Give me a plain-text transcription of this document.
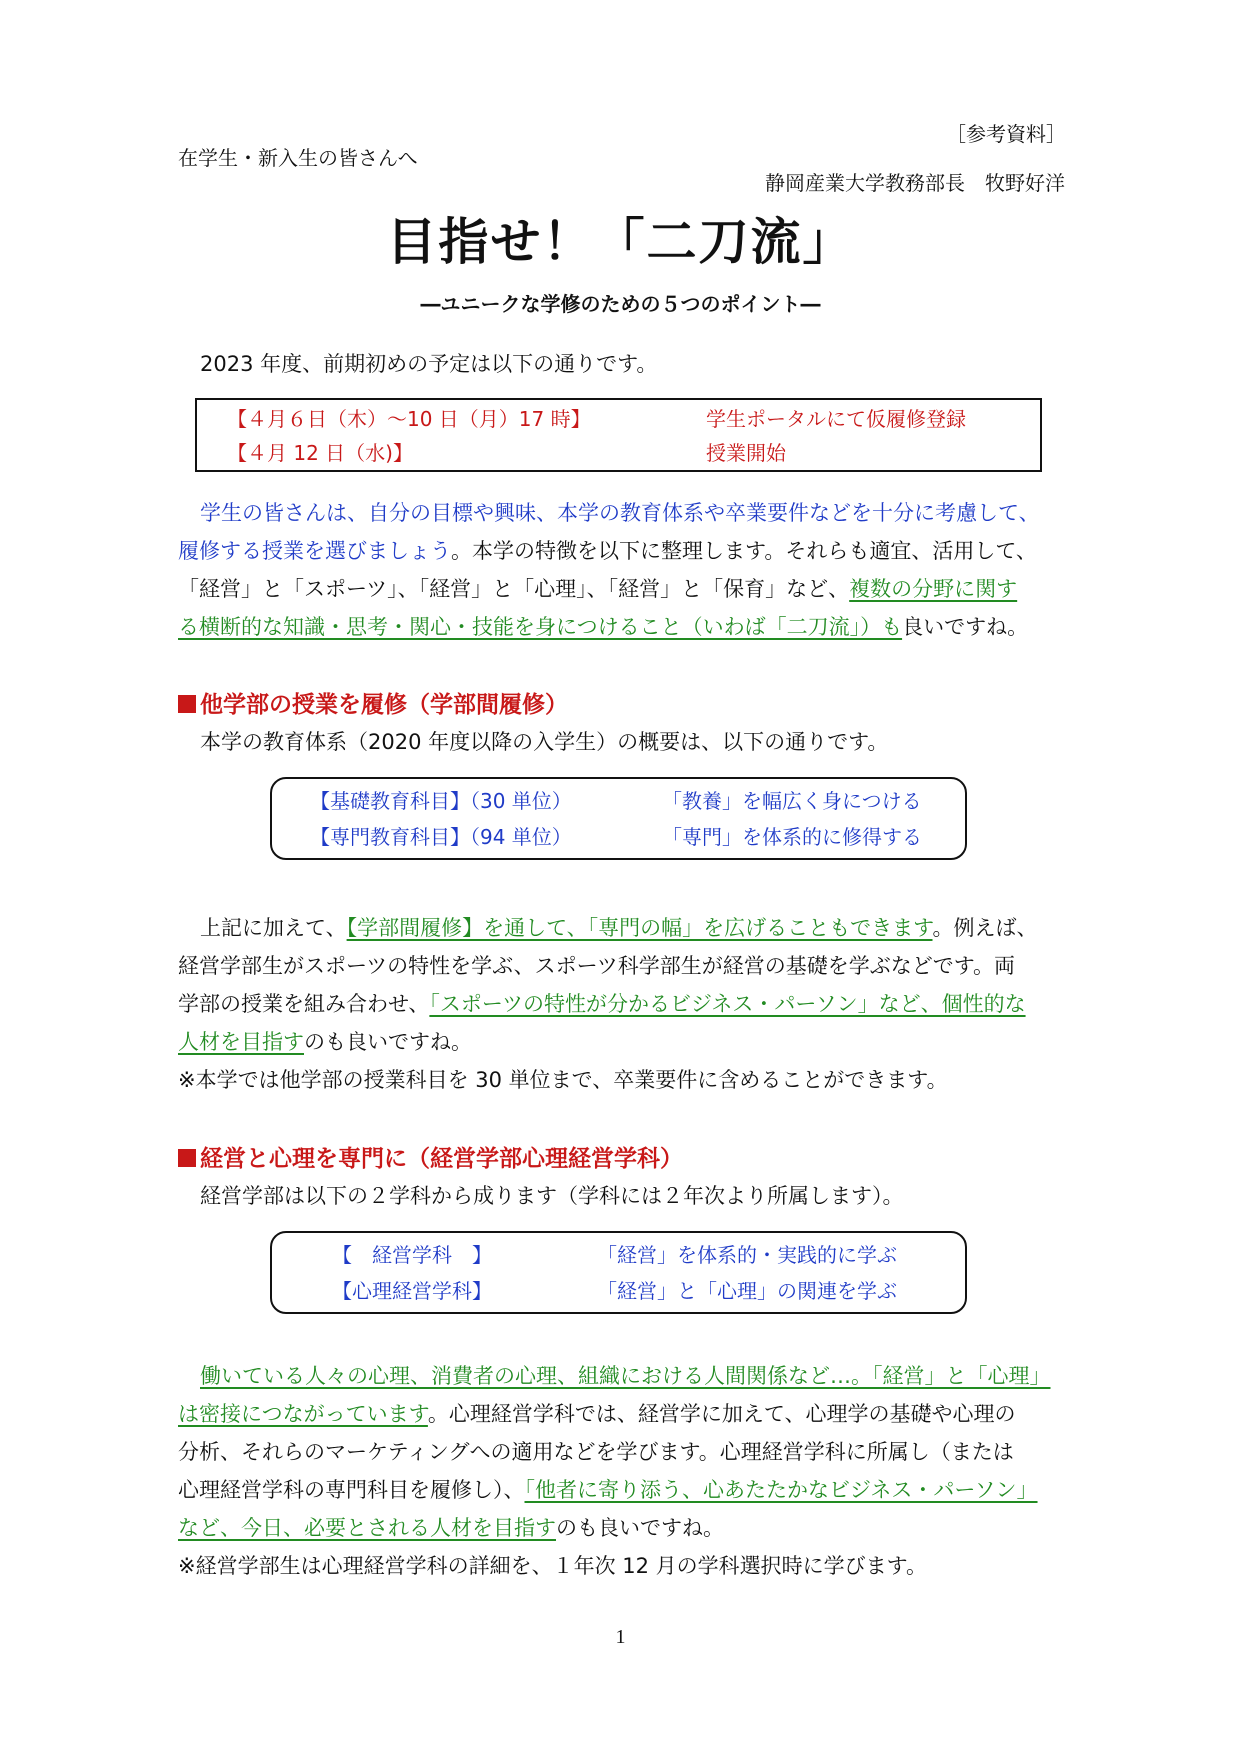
［参考資料］
在学生・新入生の皆さんへ
静岡産業大学教務部長　牧野好洋
目指せ！「二刀流」
―ユニークな学修のための５つのポイント―
2023 年度、前期初めの予定は以下の通りです。
【４月６日（木）～10 日（月）17 時】	学生ポータルにて仮履修登録
【４月 12 日（水)】	授業開始
学生の皆さんは、自分の目標や興味、本学の教育体系や卒業要件などを十分に考慮して、
履修する授業を選びましょう。本学の特徴を以下に整理します。それらも適宜、活用して、
「経営」と「スポーツ」、「経営」と「心理」、「経営」と「保育」など、複数の分野に関す
る横断的な知識・思考・関心・技能を身につけること（いわば「二刀流」）も良いですね。
他学部の授業を履修（学部間履修）
本学の教育体系（2020 年度以降の入学生）の概要は、以下の通りです。
【基礎教育科目】（30 単位）	「教養」を幅広く身につける
【専門教育科目】（94 単位）	「専門」を体系的に修得する
上記に加えて、【学部間履修】を通して、「専門の幅」を広げることもできます。例えば、
経営学部生がスポーツの特性を学ぶ、スポーツ科学部生が経営の基礎を学ぶなどです。両
学部の授業を組み合わせ、「スポーツの特性が分かるビジネス・パーソン」など、個性的な
人材を目指すのも良いですね。
※本学では他学部の授業科目を 30 単位まで、卒業要件に含めることができます。
経営と心理を専門に（経営学部心理経営学科）
経営学部は以下の２学科から成ります（学科には２年次より所属します）。
【　経営学科　】	「経営」を体系的・実践的に学ぶ
【心理経営学科】	「経営」と「心理」の関連を学ぶ
働いている人々の心理、消費者の心理、組織における人間関係など…。「経営」と「心理」
は密接につながっています。心理経営学科では、経営学に加えて、心理学の基礎や心理の
分析、それらのマーケティングへの適用などを学びます。心理経営学科に所属し（または
心理経営学科の専門科目を履修し）、「他者に寄り添う、心あたたかなビジネス・パーソン」
など、今日、必要とされる人材を目指すのも良いですね。
※経営学部生は心理経営学科の詳細を、１年次 12 月の学科選択時に学びます。
1
